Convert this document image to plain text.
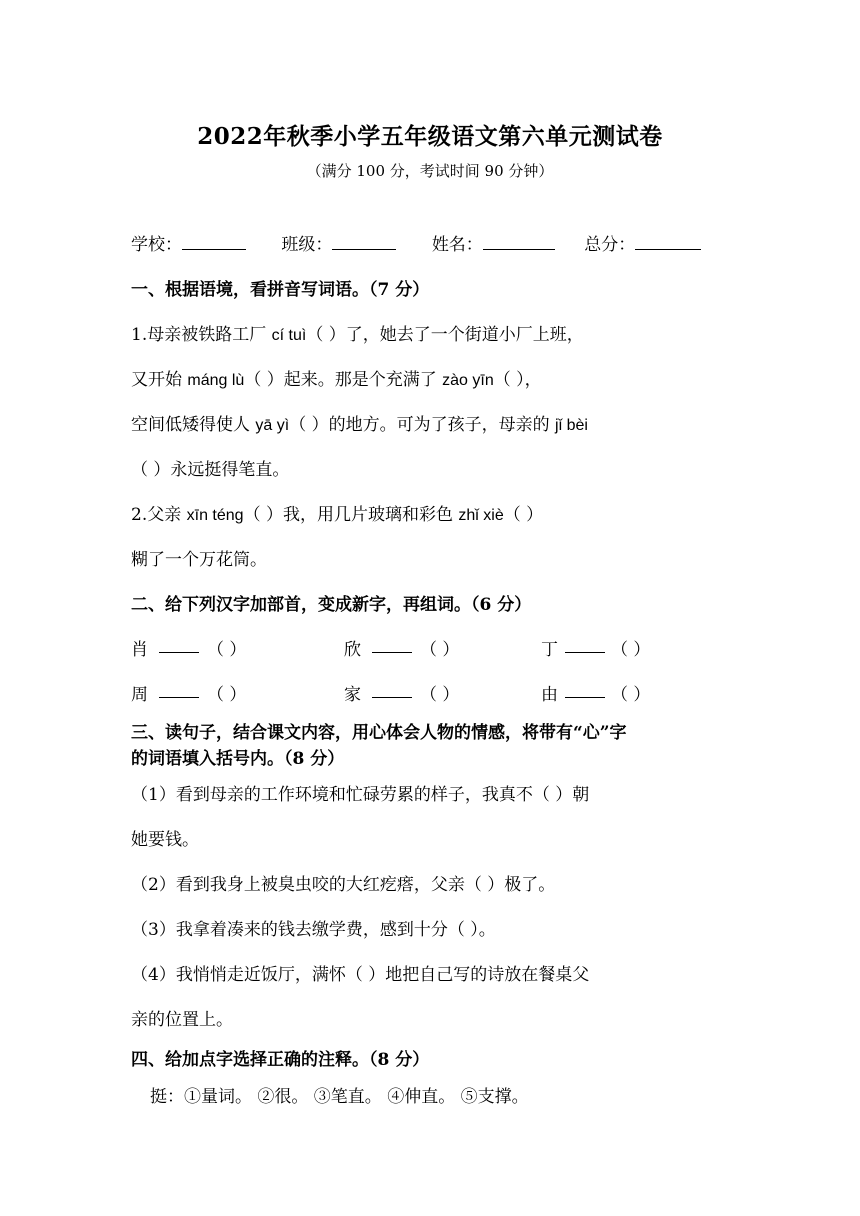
2022年秋季小学五年级语文第六单元测试卷
（满分 100 分，考试时间 90 分钟）
学校：	班级：	姓名：	总分：
一、根据语境，看拼音写词语。（7 分）
1.母亲被铁路工厂 cí tuì（ ）了，她去了一个街道小厂上班，
又开始 máng lù（ ）起来。那是个充满了 zào yīn（ ），
空间低矮得使人 yā yì（ ）的地方。可为了孩子，母亲的 jǐ bèi
（ ）永远挺得笔直。
2.父亲 xīn téng（ ）我，用几片玻璃和彩色 zhǐ xiè（ ）
糊了一个万花筒。
二、给下列汉字加部首，变成新字，再组词。（6 分）
肖	（ ）	欣	（ ）	丁	（ ）
周	（ ）	家	（ ）	由	（ ）
三、读句子，结合课文内容，用心体会人物的情感，将带有“心”字
的词语填入括号内。（8 分）
（1）看到母亲的工作环境和忙碌劳累的样子，我真不（ ）朝
她要钱。
（2）看到我身上被臭虫咬的大红疙瘩，父亲（ ）极了。
（3）我拿着凑来的钱去缴学费，感到十分（ ）。
（4）我悄悄走近饭厅，满怀（ ）地把自己写的诗放在餐桌父
亲的位置上。
四、给加点字选择正确的注释。（8 分）
挺：①量词。 ②很。 ③笔直。 ④伸直。 ⑤支撑。
